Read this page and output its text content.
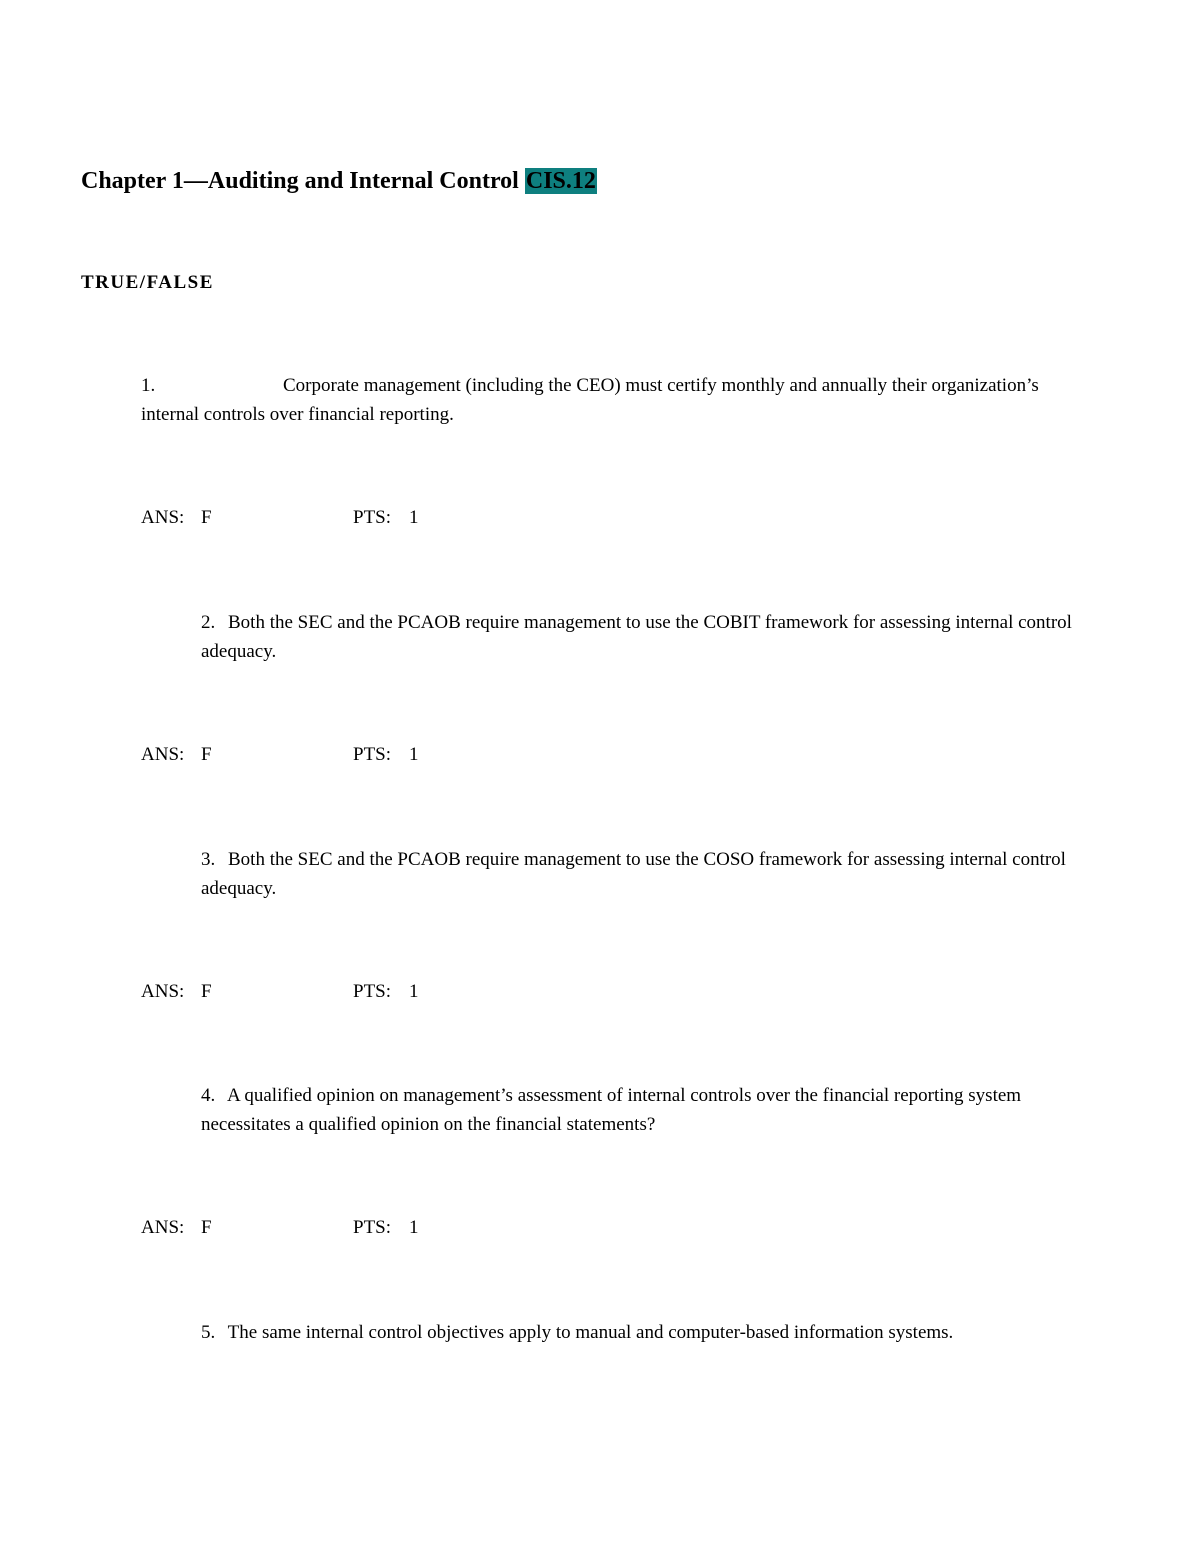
Chapter 1—Auditing and Internal Control CIS.12
TRUE/FALSE

1.	Corporate management (including the CEO) must certify monthly and annually their organization’s internal controls over financial reporting.

ANS: F	PTS: 1

2. Both the SEC and the PCAOB require management to use the COBIT framework for assessing internal control adequacy.

ANS: F	PTS: 1

3. Both the SEC and the PCAOB require management to use the COSO framework for assessing internal control adequacy.

ANS: F	PTS: 1

4. A qualified opinion on management’s assessment of internal controls over the financial reporting system necessitates a qualified opinion on the financial statements?

ANS: F	PTS: 1

5. The same internal control objectives apply to manual and computer-based information systems.
